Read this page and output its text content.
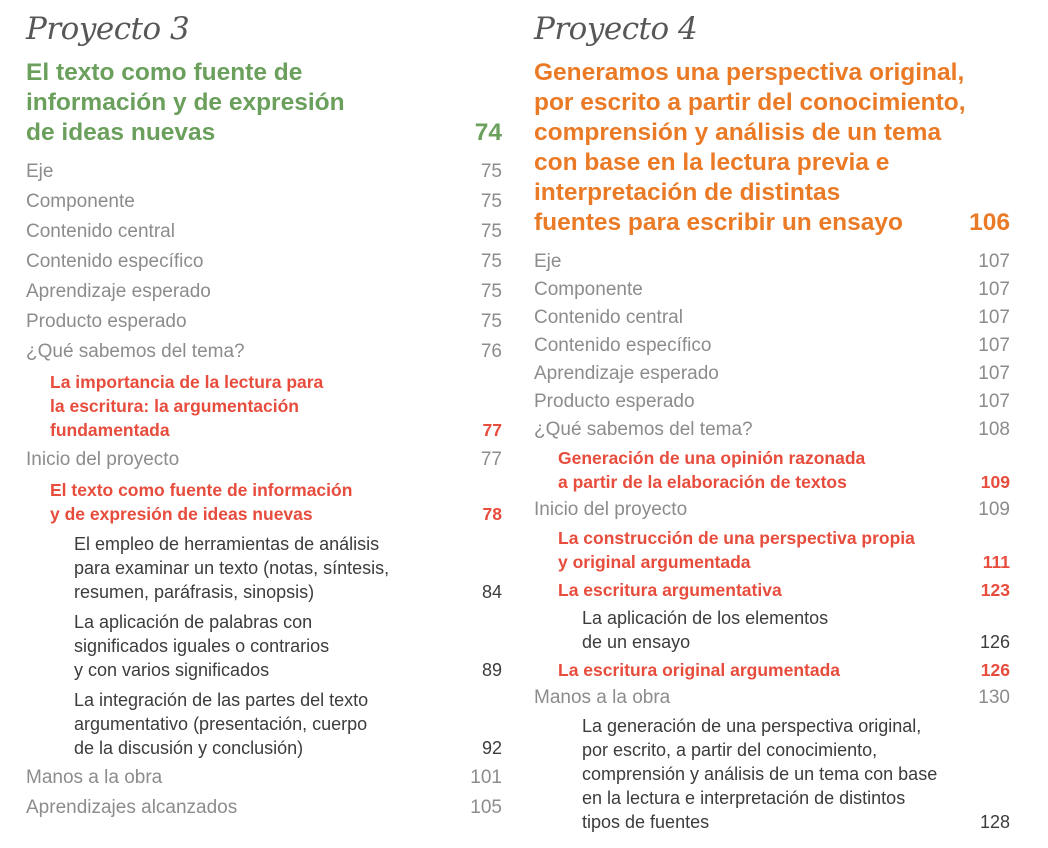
Proyecto 3
El texto como fuente de
información y de expresión
de ideas nuevas	74
Eje	75
Componente	75
Contenido central	75
Contenido específico	75
Aprendizaje esperado	75
Producto esperado	75
¿Qué sabemos del tema?	76
La importancia de la lectura para
la escritura: la argumentación
fundamentada	77
Inicio del proyecto	77
El texto como fuente de información
y de expresión de ideas nuevas	78
El empleo de herramientas de análisis
para examinar un texto (notas, síntesis,
resumen, paráfrasis, sinopsis)	84
La aplicación de palabras con
significados iguales o contrarios
y con varios significados	89
La integración de las partes del texto
argumentativo (presentación, cuerpo
de la discusión y conclusión)	92
Manos a la obra	101
Aprendizajes alcanzados	105
Proyecto 4
Generamos una perspectiva original,
por escrito a partir del conocimiento,
comprensión y análisis de un tema
con base en la lectura previa e
interpretación de distintas
fuentes para escribir un ensayo	106
Eje	107
Componente	107
Contenido central	107
Contenido específico	107
Aprendizaje esperado	107
Producto esperado	107
¿Qué sabemos del tema?	108
Generación de una opinión razonada
a partir de la elaboración de textos	109
Inicio del proyecto	109
La construcción de una perspectiva propia
y original argumentada	111
La escritura argumentativa	123
La aplicación de los elementos
de un ensayo	126
La escritura original argumentada	126
Manos a la obra	130
La generación de una perspectiva original,
por escrito, a partir del conocimiento,
comprensión y análisis de un tema con base
en la lectura e interpretación de distintos
tipos de fuentes	128
